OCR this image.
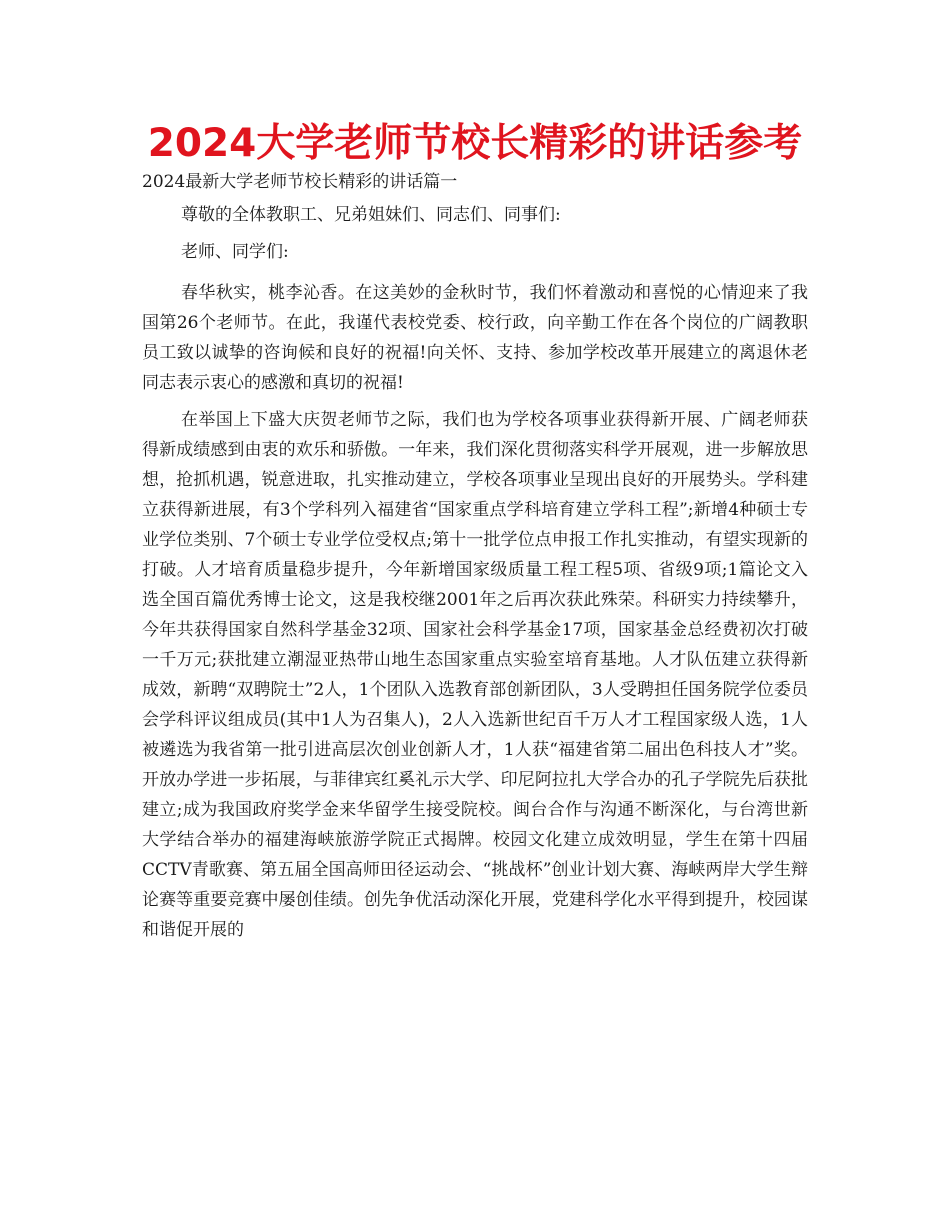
2024大学老师节校长精彩的讲话参考

2024最新大学老师节校长精彩的讲话篇一

尊敬的全体教职工、兄弟姐妹们、同志们、同事们:

老师、同学们:

春华秋实，桃李沁香。在这美妙的金秋时节，我们怀着激动和喜悦的心情迎来了我国第26个老师节。在此，我谨代表校党委、校行政，向辛勤工作在各个岗位的广阔教职员工致以诚挚的咨询候和良好的祝福!向关怀、支持、参加学校改革开展建立的离退休老同志表示衷心的感激和真切的祝福!

在举国上下盛大庆贺老师节之际，我们也为学校各项事业获得新开展、广阔老师获得新成绩感到由衷的欢乐和骄傲。一年来，我们深化贯彻落实科学开展观，进一步解放思想，抢抓机遇，锐意进取，扎实推动建立，学校各项事业呈现出良好的开展势头。学科建立获得新进展，有3个学科列入福建省“国家重点学科培育建立学科工程”;新增4种硕士专业学位类别、7个硕士专业学位受权点;第十一批学位点申报工作扎实推动，有望实现新的打破。人才培育质量稳步提升，今年新增国家级质量工程工程5项、省级9项;1篇论文入选全国百篇优秀博士论文，这是我校继2001年之后再次获此殊荣。科研实力持续攀升，今年共获得国家自然科学基金32项、国家社会科学基金17项，国家基金总经费初次打破一千万元;获批建立潮湿亚热带山地生态国家重点实验室培育基地。人才队伍建立获得新成效，新聘“双聘院士”2人，1个团队入选教育部创新团队，3人受聘担任国务院学位委员会学科评议组成员(其中1人为召集人)，2人入选新世纪百千万人才工程国家级人选，1人被遴选为我省第一批引进高层次创业创新人才，1人获“福建省第二届出色科技人才”奖。开放办学进一步拓展，与菲律宾红奚礼示大学、印尼阿拉扎大学合办的孔子学院先后获批建立;成为我国政府奖学金来华留学生接受院校。闽台合作与沟通不断深化，与台湾世新大学结合举办的福建海峡旅游学院正式揭牌。校园文化建立成效明显，学生在第十四届CCTV青歌赛、第五届全国高师田径运动会、“挑战杯”创业计划大赛、海峡两岸大学生辩论赛等重要竞赛中屡创佳绩。创先争优活动深化开展，党建科学化水平得到提升，校园谋和谐促开展的
